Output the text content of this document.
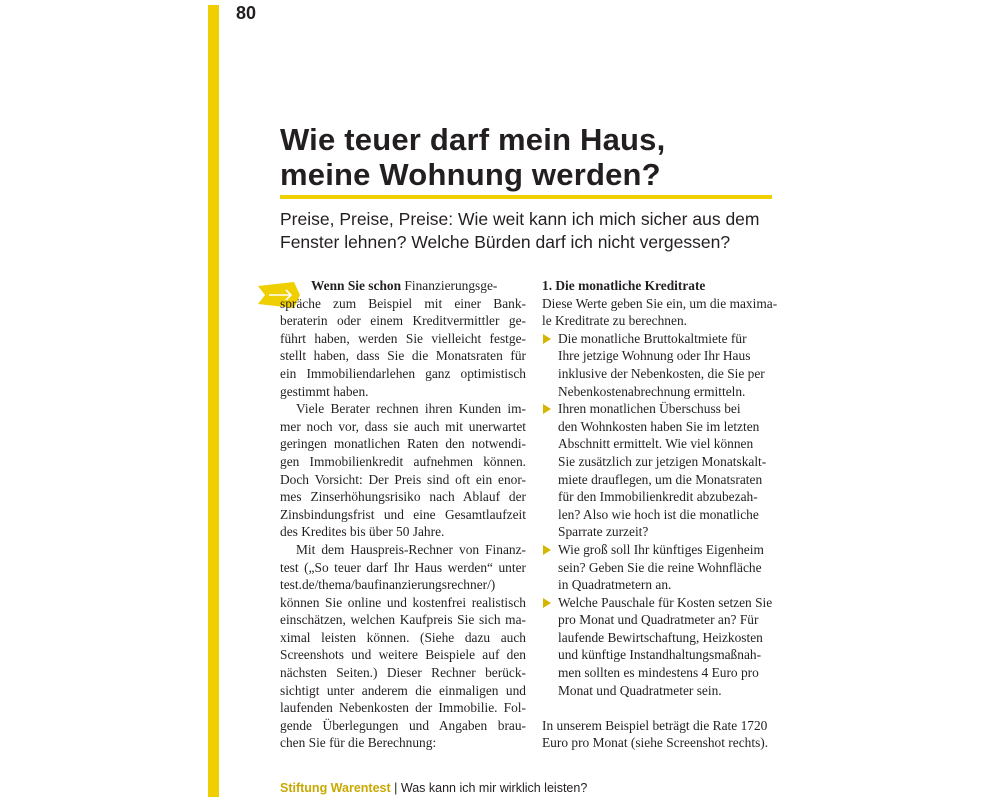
80
Wie teuer darf mein Haus,
meine Wohnung werden?
Preise, Preise, Preise: Wie weit kann ich mich sicher aus dem
Fenster lehnen? Welche Bürden darf ich nicht vergessen?
Wenn Sie schon Finanzierungsge-
spräche zum Beispiel mit einer Bank-
beraterin oder einem Kreditvermittler ge-
führt haben, werden Sie vielleicht festge-
stellt haben, dass Sie die Monatsraten für
ein Immobiliendarlehen ganz optimistisch
gestimmt haben.
Viele Berater rechnen ihren Kunden im-
mer noch vor, dass sie auch mit unerwartet
geringen monatlichen Raten den notwendi-
gen Immobilienkredit aufnehmen können.
Doch Vorsicht: Der Preis sind oft ein enor-
mes Zinserhöhungsrisiko nach Ablauf der
Zinsbindungsfrist und eine Gesamtlaufzeit
des Kredites bis über 50 Jahre.
Mit dem Hauspreis-Rechner von Finanz-
test („So teuer darf Ihr Haus werden“ unter
test.de/thema/baufinanzierungsrechner/)
können Sie online und kostenfrei realistisch
einschätzen, welchen Kaufpreis Sie sich ma-
ximal leisten können. (Siehe dazu auch
Screenshots und weitere Beispiele auf den
nächsten Seiten.) Dieser Rechner berück-
sichtigt unter anderem die einmaligen und
laufenden Nebenkosten der Immobilie. Fol-
gende Überlegungen und Angaben brau-
chen Sie für die Berechnung:
1. Die monatliche Kreditrate
Diese Werte geben Sie ein, um die maxima-
le Kreditrate zu berechnen.
Die monatliche Bruttokaltmiete für
Ihre jetzige Wohnung oder Ihr Haus
inklusive der Nebenkosten, die Sie per
Nebenkostenabrechnung ermitteln.
Ihren monatlichen Überschuss bei
den Wohnkosten haben Sie im letzten
Abschnitt ermittelt. Wie viel können
Sie zusätzlich zur jetzigen Monatskalt-
miete drauflegen, um die Monatsraten
für den Immobilienkredit abzubezah-
len? Also wie hoch ist die monatliche
Sparrate zurzeit?
Wie groß soll Ihr künftiges Eigenheim
sein? Geben Sie die reine Wohnfläche
in Quadratmetern an.
Welche Pauschale für Kosten setzen Sie
pro Monat und Quadratmeter an? Für
laufende Bewirtschaftung, Heizkosten
und künftige Instandhaltungsmaßnah-
men sollten es mindestens 4 Euro pro
Monat und Quadratmeter sein.
In unserem Beispiel beträgt die Rate 1720
Euro pro Monat (siehe Screenshot rechts).
Stiftung Warentest | Was kann ich mir wirklich leisten?
